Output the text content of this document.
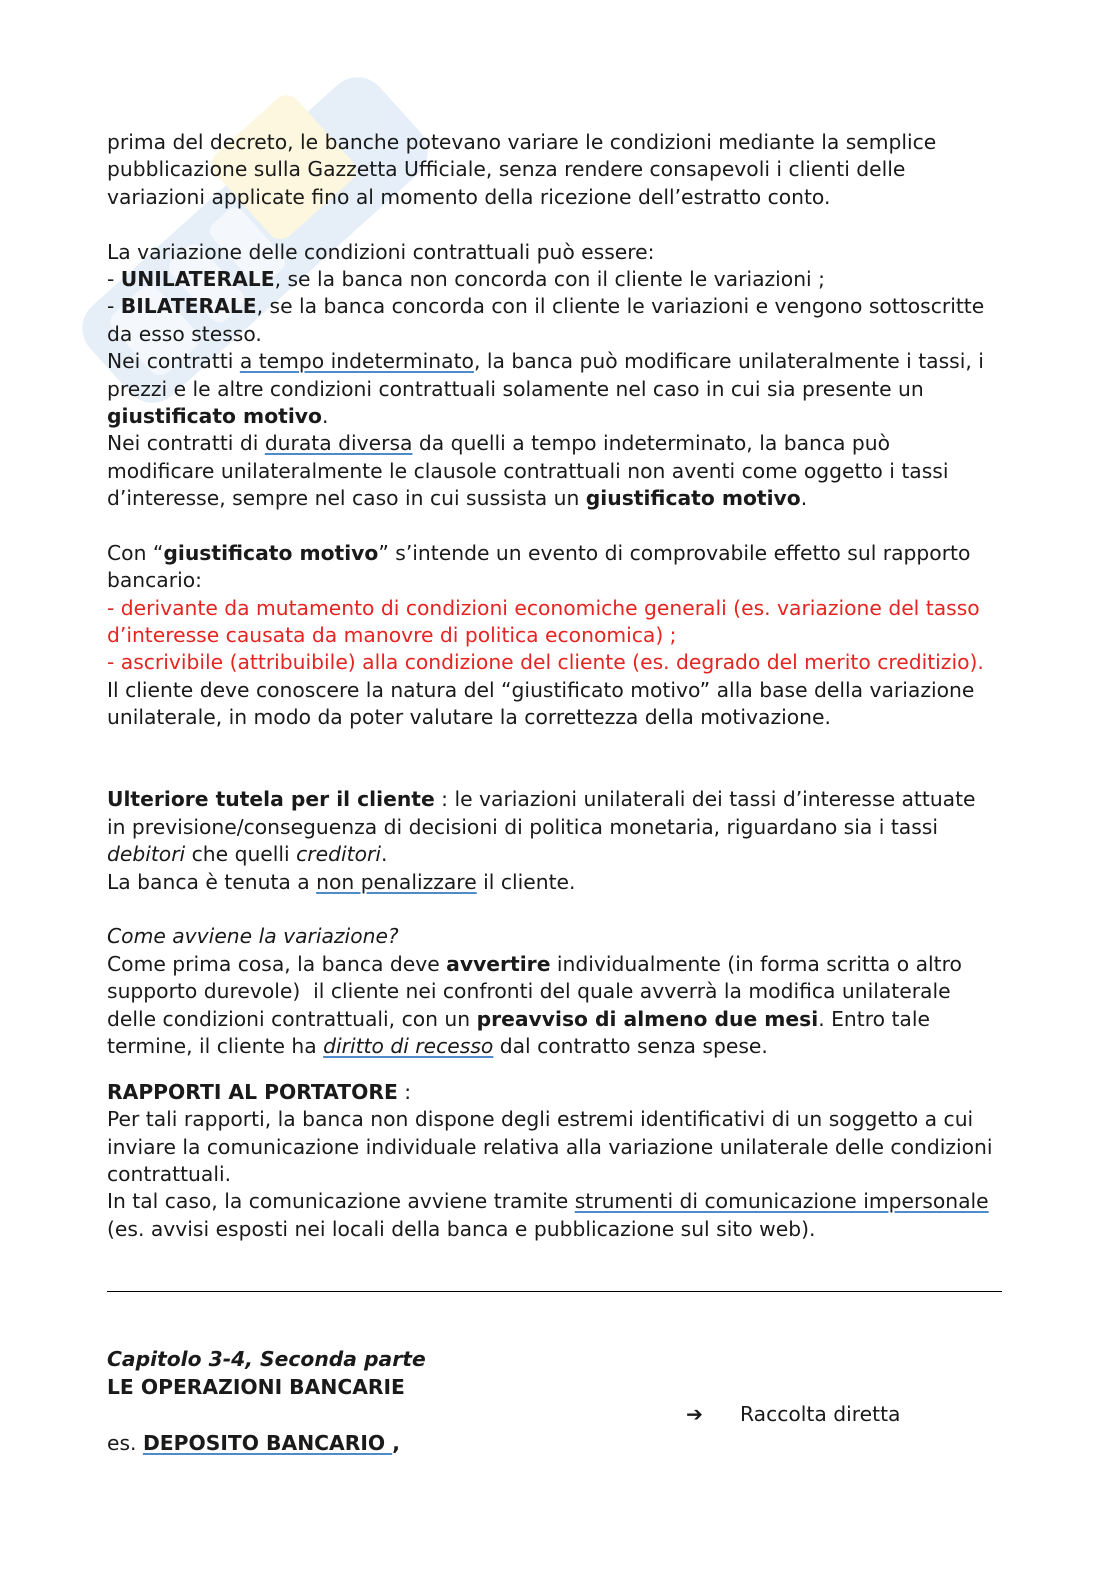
prima del decreto, le banche potevano variare le condizioni mediante la semplice
pubblicazione sulla Gazzetta Ufficiale, senza rendere consapevoli i clienti delle
variazioni applicate fino al momento della ricezione dell’estratto conto.
La variazione delle condizioni contrattuali può essere:
- UNILATERALE, se la banca non concorda con il cliente le variazioni ;
- BILATERALE, se la banca concorda con il cliente le variazioni e vengono sottoscritte
da esso stesso.
Nei contratti a tempo indeterminato, la banca può modificare unilateralmente i tassi, i
prezzi e le altre condizioni contrattuali solamente nel caso in cui sia presente un
giustificato motivo.
Nei contratti di durata diversa da quelli a tempo indeterminato, la banca può
modificare unilateralmente le clausole contrattuali non aventi come oggetto i tassi
d’interesse, sempre nel caso in cui sussista un giustificato motivo.
Con “giustificato motivo” s’intende un evento di comprovabile effetto sul rapporto
bancario:
- derivante da mutamento di condizioni economiche generali (es. variazione del tasso
d’interesse causata da manovre di politica economica) ;
- ascrivibile (attribuibile) alla condizione del cliente (es. degrado del merito creditizio).
Il cliente deve conoscere la natura del “giustificato motivo” alla base della variazione
unilaterale, in modo da poter valutare la correttezza della motivazione.
Ulteriore tutela per il cliente : le variazioni unilaterali dei tassi d’interesse attuate
in previsione/conseguenza di decisioni di politica monetaria, riguardano sia i tassi
debitori che quelli creditori.
La banca è tenuta a non penalizzare il cliente.
Come avviene la variazione?
Come prima cosa, la banca deve avvertire individualmente (in forma scritta o altro
supporto durevole)  il cliente nei confronti del quale avverrà la modifica unilaterale
delle condizioni contrattuali, con un preavviso di almeno due mesi. Entro tale
termine, il cliente ha diritto di recesso dal contratto senza spese.
RAPPORTI AL PORTATORE :
Per tali rapporti, la banca non dispone degli estremi identificativi di un soggetto a cui
inviare la comunicazione individuale relativa alla variazione unilaterale delle condizioni
contrattuali.
In tal caso, la comunicazione avviene tramite strumenti di comunicazione impersonale
(es. avvisi esposti nei locali della banca e pubblicazione sul sito web).
Capitolo 3-4, Seconda parte
LE OPERAZIONI BANCARIE
➔ Raccolta diretta
es. DEPOSITO BANCARIO ,
